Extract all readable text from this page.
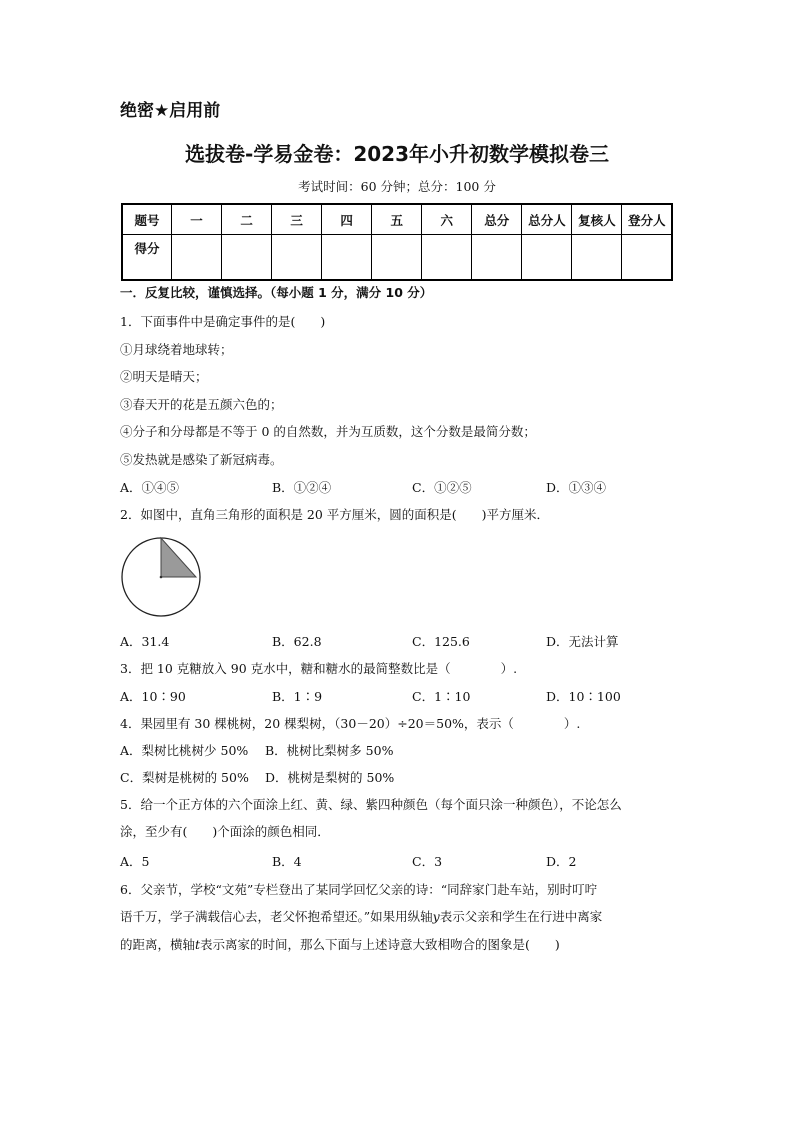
绝密★启用前
选拔卷-学易金卷：2023年小升初数学模拟卷三
考试时间：60 分钟；总分：100 分
题号	一	二	三	四	五	六	总分	总分人	复核人	登分人
得分										
一．反复比较，谨慎选择。（每小题 1 分，满分 10 分）
1．下面事件中是确定事件的是(　　)
①月球绕着地球转；
②明天是晴天；
③春天开的花是五颜六色的；
④分子和分母都是不等于 0 的自然数，并为互质数，这个分数是最简分数；
⑤发热就是感染了新冠病毒。
A．①④⑤	B．①②④	C．①②⑤	D．①③④
2．如图中，直角三角形的面积是 20 平方厘米，圆的面积是(　　)平方厘米．
A．31.4	B．62.8	C．125.6	D．无法计算
3．把 10 克糖放入 90 克水中，糖和糖水的最简整数比是（　　　　）.
A．10∶90	B．1∶9	C．1∶10	D．10∶100
4．果园里有 30 棵桃树，20 棵梨树，（30－20）÷20＝50%，表示（　　　　）.
A．梨树比桃树少 50% B．桃树比梨树多 50%
C．梨树是桃树的 50% D．桃树是梨树的 50%
5．给一个正方体的六个面涂上红、黄、绿、紫四种颜色（每个面只涂一种颜色），不论怎么
涂，至少有(　　)个面涂的颜色相同．
A．5	B．4	C．3	D．2
6．父亲节，学校“文苑”专栏登出了某同学回忆父亲的诗：“同辞家门赴车站，别时叮咛
语千万，学子满载信心去，老父怀抱希望还。”如果用纵轴y表示父亲和学生在行进中离家
的距离，横轴t表示离家的时间，那么下面与上述诗意大致相吻合的图象是(　　)
